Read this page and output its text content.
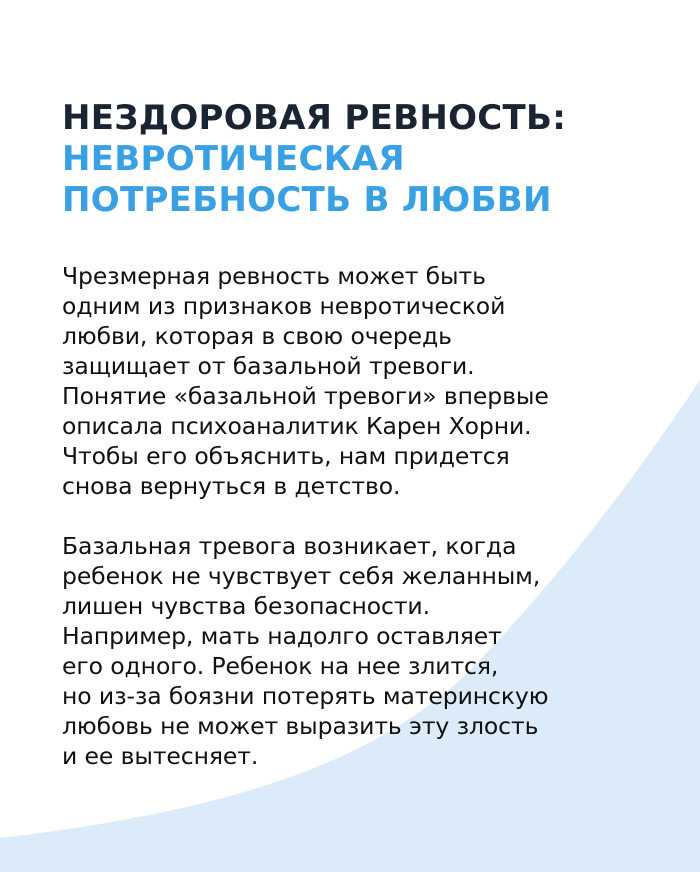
НЕЗДОРОВАЯ РЕВНОСТЬ:
НЕВРОТИЧЕСКАЯ
ПОТРЕБНОСТЬ В ЛЮБВИ
Чрезмерная ревность может быть
одним из признаков невротической
любви, которая в свою очередь
защищает от базальной тревоги.
Понятие «базальной тревоги» впервые
описала психоаналитик Карен Хорни.
Чтобы его объяснить, нам придется
снова вернуться в детство.
Базальная тревога возникает, когда
ребенок не чувствует себя желанным,
лишен чувства безопасности.
Например, мать надолго оставляет
его одного. Ребенок на нее злится,
но из-за боязни потерять материнскую
любовь не может выразить эту злость
и ее вытесняет.
